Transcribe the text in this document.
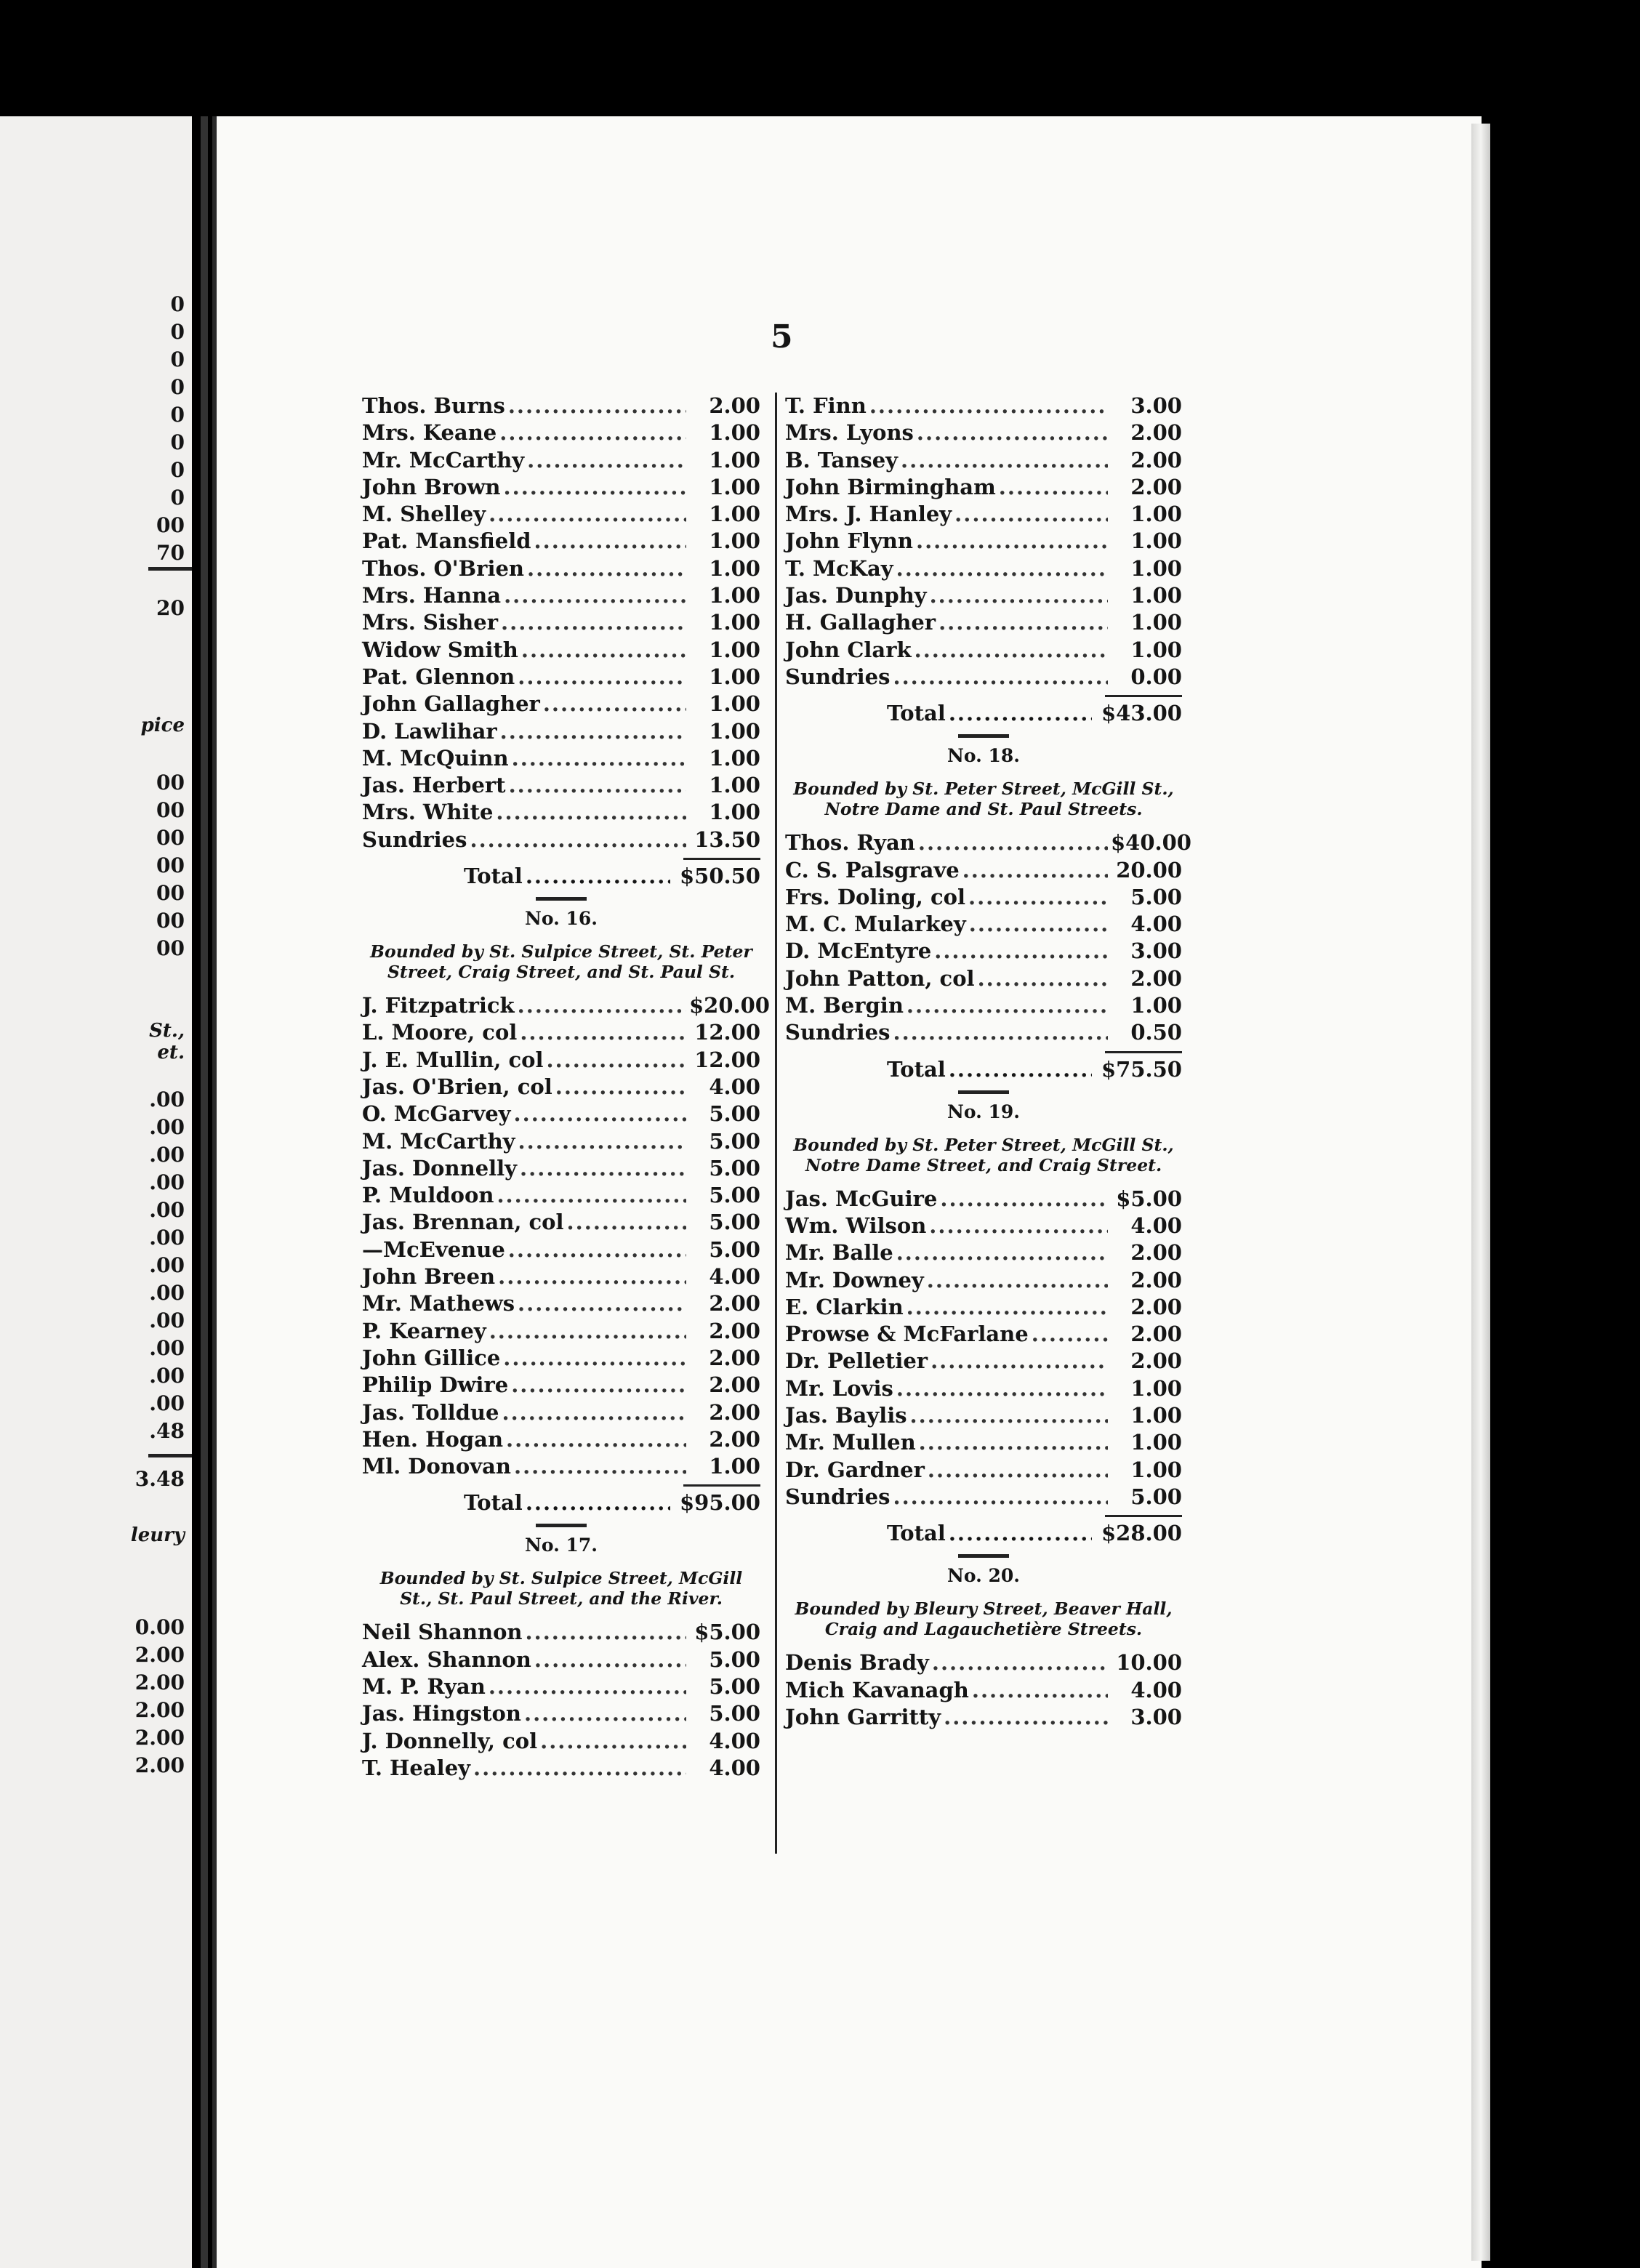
0
0
0
0
0
0
0
0
00
70
20
pice
00
00
00
00
00
00
00
St.,
et.
.00
.00
.00
.00
.00
.00
.00
.00
.00
.00
.00
.00
.48
3.48
leury
0.00
2.00
2.00
2.00
2.00
2.00
5
Thos. Burns .....	2.00
Mrs. Keane .....	1.00
Mr. McCarthy .....	1.00
John Brown .....	1.00
M. Shelley .....	1.00
Pat. Mansfield .....	1.00
Thos. O'Brien .....	1.00
Mrs. Hanna .....	1.00
Mrs. Sisher .....	1.00
Widow Smith .....	1.00
Pat. Glennon .....	1.00
John Gallagher .....	1.00
D. Lawlihar .....	1.00
M. McQuinn .....	1.00
Jas. Herbert .....	1.00
Mrs. White .....	1.00
Sundries .....	13.50
Total .....	$50.50
No. 16.
Bounded by St. Sulpice Street, St. Peter Street, Craig Street, and St. Paul St.
J. Fitzpatrick .....	$20.00
L. Moore, col .....	12.00
J. E. Mullin, col .....	12.00
Jas. O'Brien, col .....	4.00
O. McGarvey .....	5.00
M. McCarthy .....	5.00
Jas. Donnelly .....	5.00
P. Muldoon .....	5.00
Jas. Brennan, col .....	5.00
—McEvenue .....	5.00
John Breen .....	4.00
Mr. Mathews .....	2.00
P. Kearney .....	2.00
John Gillice .....	2.00
Philip Dwire .....	2.00
Jas. Tolldue .....	2.00
Hen. Hogan .....	2.00
Ml. Donovan .....	1.00
Total .....	$95.00
No. 17.
Bounded by St. Sulpice Street, McGill St., St. Paul Street, and the River.
Neil Shannon .....	$5.00
Alex. Shannon .....	5.00
M. P. Ryan .....	5.00
Jas. Hingston .....	5.00
J. Donnelly, col .....	4.00
T. Healey .....	4.00
T. Finn .....	3.00
Mrs. Lyons .....	2.00
B. Tansey .....	2.00
John Birmingham .....	2.00
Mrs. J. Hanley .....	1.00
John Flynn .....	1.00
T. McKay .....	1.00
Jas. Dunphy .....	1.00
H. Gallagher .....	1.00
John Clark .....	1.00
Sundries .....	0.00
Total .....	$43.00
No. 18.
Bounded by St. Peter Street, McGill St., Notre Dame and St. Paul Streets.
Thos. Ryan .....	$40.00
C. S. Palsgrave .....	20.00
Frs. Doling, col .....	5.00
M. C. Mularkey .....	4.00
D. McEntyre .....	3.00
John Patton, col .....	2.00
M. Bergin .....	1.00
Sundries .....	0.50
Total .....	$75.50
No. 19.
Bounded by St. Peter Street, McGill St., Notre Dame Street, and Craig Street.
Jas. McGuire .....	$5.00
Wm. Wilson .....	4.00
Mr. Balle .....	2.00
Mr. Downey .....	2.00
E. Clarkin .....	2.00
Prowse & McFarlane .....	2.00
Dr. Pelletier .....	2.00
Mr. Lovis .....	1.00
Jas. Baylis .....	1.00
Mr. Mullen .....	1.00
Dr. Gardner .....	1.00
Sundries .....	5.00
Total .....	$28.00
No. 20.
Bounded by Bleury Street, Beaver Hall, Craig and Lagauchetière Streets.
Denis Brady .....	10.00
Mich Kavanagh .....	4.00
John Garritty .....	3.00
